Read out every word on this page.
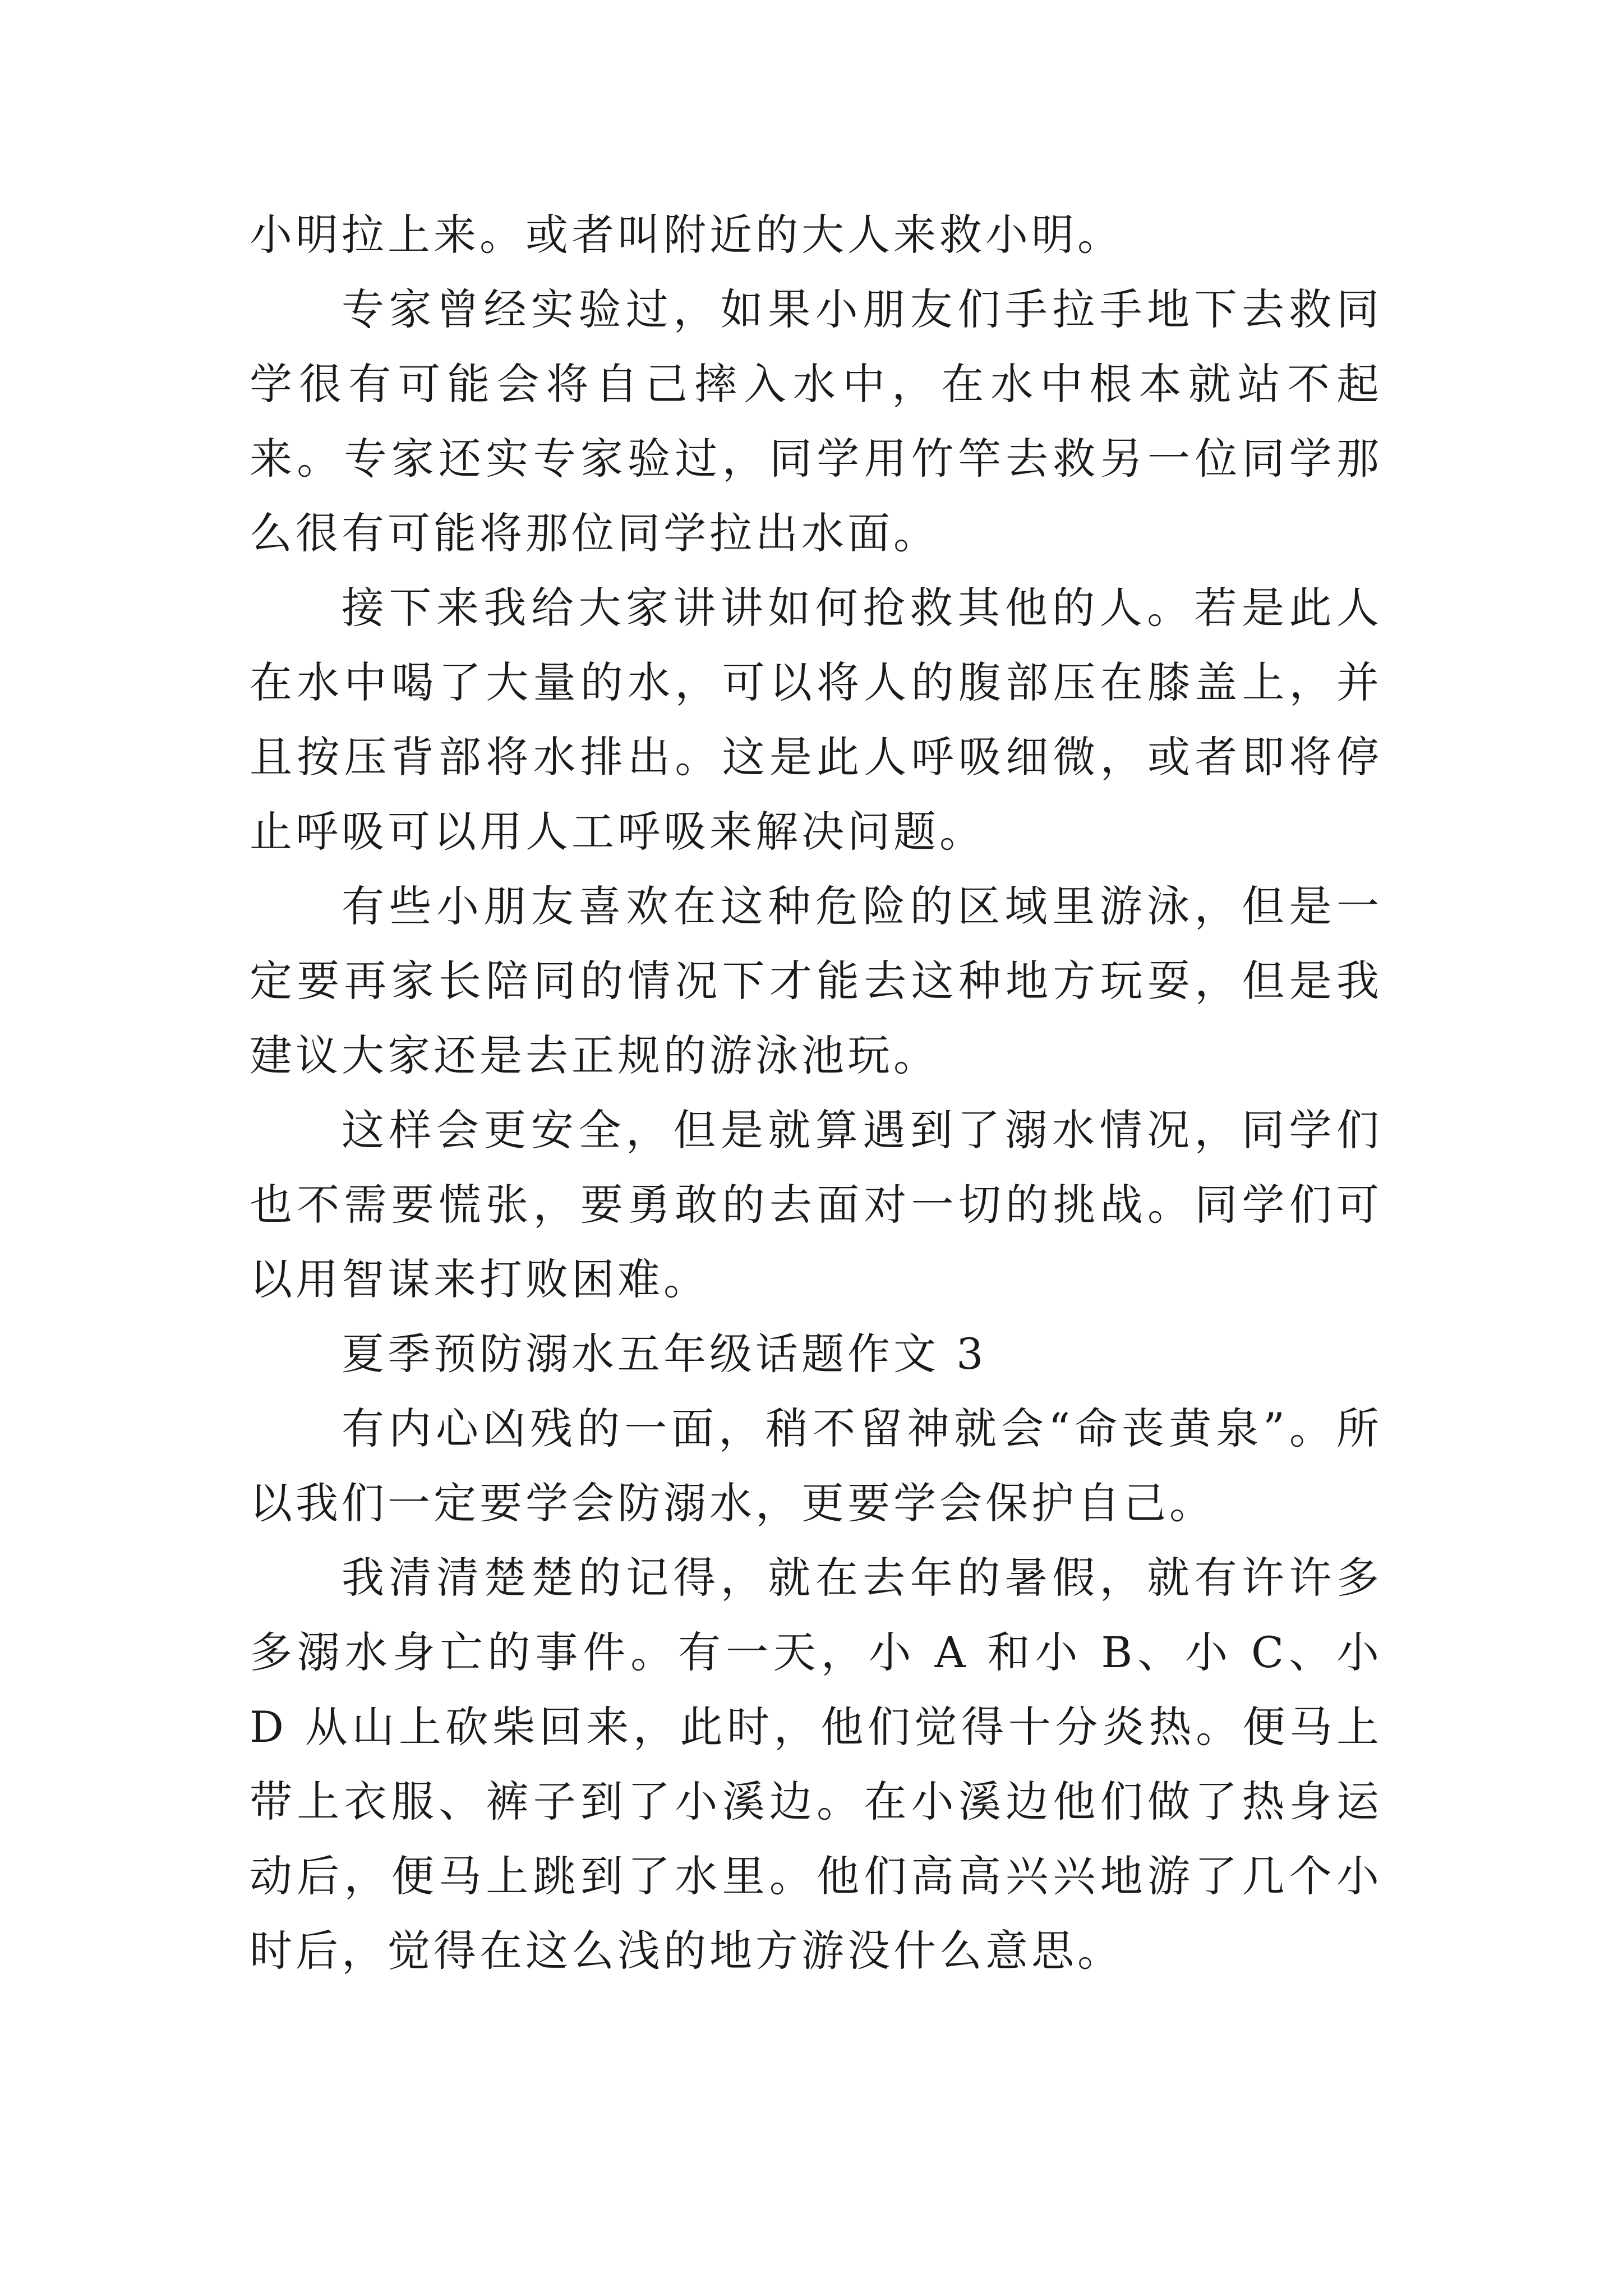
小明拉上来。或者叫附近的大人来救小明。

专家曾经实验过，如果小朋友们手拉手地下去救同学很有可能会将自己摔入水中，在水中根本就站不起来。专家还实专家验过，同学用竹竿去救另一位同学那么很有可能将那位同学拉出水面。

接下来我给大家讲讲如何抢救其他的人。若是此人在水中喝了大量的水，可以将人的腹部压在膝盖上，并且按压背部将水排出。这是此人呼吸细微，或者即将停止呼吸可以用人工呼吸来解决问题。

有些小朋友喜欢在这种危险的区域里游泳，但是一定要再家长陪同的情况下才能去这种地方玩耍，但是我建议大家还是去正规的游泳池玩。

这样会更安全，但是就算遇到了溺水情况，同学们也不需要慌张，要勇敢的去面对一切的挑战。同学们可以用智谋来打败困难。

夏季预防溺水五年级话题作文 3

有内心凶残的一面，稍不留神就会“命丧黄泉”。所以我们一定要学会防溺水，更要学会保护自己。

我清清楚楚的记得，就在去年的暑假，就有许许多多溺水身亡的事件。有一天，小 A 和小 B、小 C、小 D 从山上砍柴回来，此时，他们觉得十分炎热。便马上带上衣服、裤子到了小溪边。在小溪边他们做了热身运动后，便马上跳到了水里。他们高高兴兴地游了几个小时后，觉得在这么浅的地方游没什么意思。
